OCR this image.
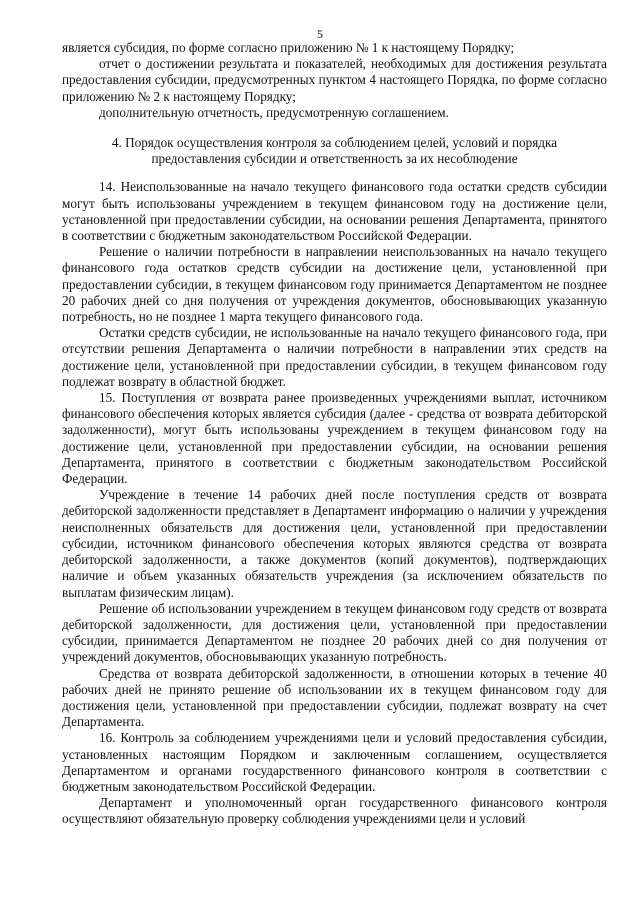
5

является субсидия, по форме согласно приложению № 1 к настоящему Порядку;

отчет о достижении результата и показателей, необходимых для достижения результата предоставления субсидии, предусмотренных пунктом 4 настоящего Порядка, по форме согласно приложению № 2 к настоящему Порядку;

дополнительную отчетность, предусмотренную соглашением.

4. Порядок осуществления контроля за соблюдением целей, условий и порядка предоставления субсидии и ответственность за их несоблюдение

14. Неиспользованные на начало текущего финансового года остатки средств субсидии могут быть использованы учреждением в текущем финансовом году на достижение цели, установленной при предоставлении субсидии, на основании решения Департамента, принятого в соответствии с бюджетным законодательством Российской Федерации.

Решение о наличии потребности в направлении неиспользованных на начало текущего финансового года остатков средств субсидии на достижение цели, установленной при предоставлении субсидии, в текущем финансовом году принимается Департаментом не позднее 20 рабочих дней со дня получения от учреждения документов, обосновывающих указанную потребность, но не позднее 1 марта текущего финансового года.

Остатки средств субсидии, не использованные на начало текущего финансового года, при отсутствии решения Департамента о наличии потребности в направлении этих средств на достижение цели, установленной при предоставлении субсидии, в текущем финансовом году подлежат возврату в областной бюджет.

15. Поступления от возврата ранее произведенных учреждениями выплат, источником финансового обеспечения которых является субсидия (далее - средства от возврата дебиторской задолженности), могут быть использованы учреждением в текущем финансовом году на достижение цели, установленной при предоставлении субсидии, на основании решения Департамента, принятого в соответствии с бюджетным законодательством Российской Федерации.

Учреждение в течение 14 рабочих дней после поступления средств от возврата дебиторской задолженности представляет в Департамент информацию о наличии у учреждения неисполненных обязательств для достижения цели, установленной при предоставлении субсидии, источником финансового обеспечения которых являются средства от возврата дебиторской задолженности, а также документов (копий документов), подтверждающих наличие и объем указанных обязательств учреждения (за исключением обязательств по выплатам физическим лицам).

Решение об использовании учреждением в текущем финансовом году средств от возврата дебиторской задолженности, для достижения цели, установленной при предоставлении субсидии, принимается Департаментом не позднее 20 рабочих дней со дня получения от учреждений документов, обосновывающих указанную потребность.

Средства от возврата дебиторской задолженности, в отношении которых в течение 40 рабочих дней не принято решение об использовании их в текущем финансовом году для достижения цели, установленной при предоставлении субсидии, подлежат возврату на счет Департамента.

16. Контроль за соблюдением учреждениями цели и условий предоставления субсидии, установленных настоящим Порядком и заключенным соглашением, осуществляется Департаментом и органами государственного финансового контроля в соответствии с бюджетным законодательством Российской Федерации.

Департамент и уполномоченный орган государственного финансового контроля осуществляют обязательную проверку соблюдения учреждениями цели и условий
